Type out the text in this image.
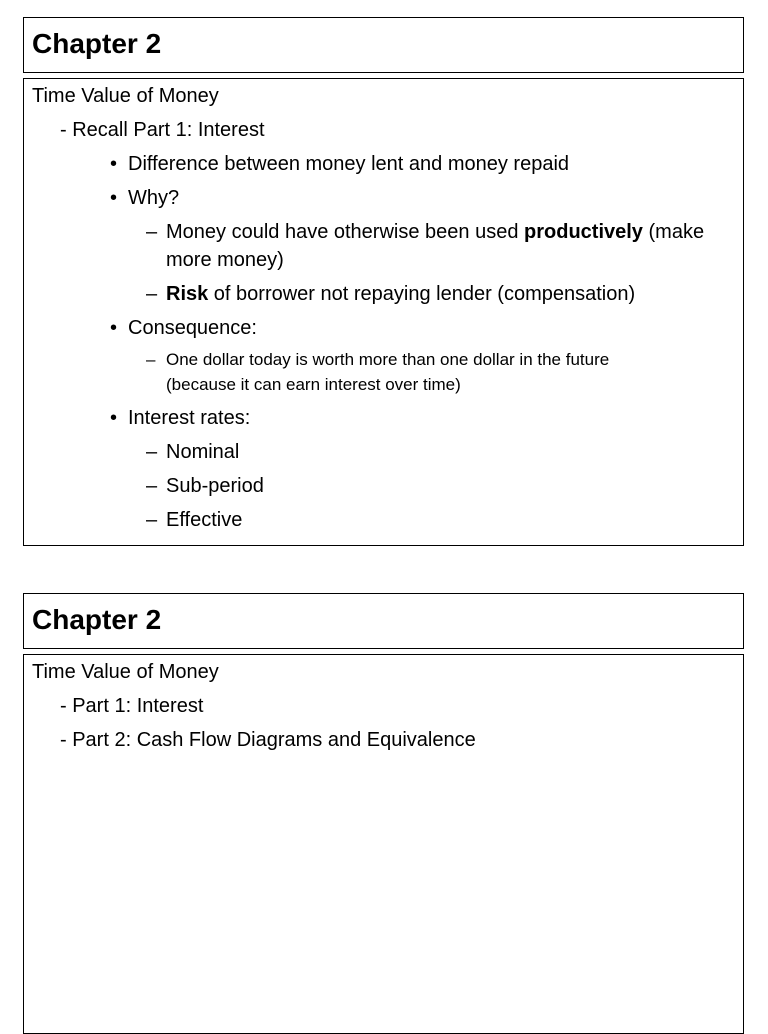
Chapter 2
Time Value of Money
- Recall Part 1: Interest
• Difference between money lent and money repaid
• Why?
– Money could have otherwise been used productively (make
more money)
– Risk of borrower not repaying lender (compensation)
• Consequence:
– One dollar today is worth more than one dollar in the future
(because it can earn interest over time)
• Interest rates:
– Nominal
– Sub-period
– Effective
Chapter 2
Time Value of Money
- Part 1: Interest
- Part 2: Cash Flow Diagrams and Equivalence
